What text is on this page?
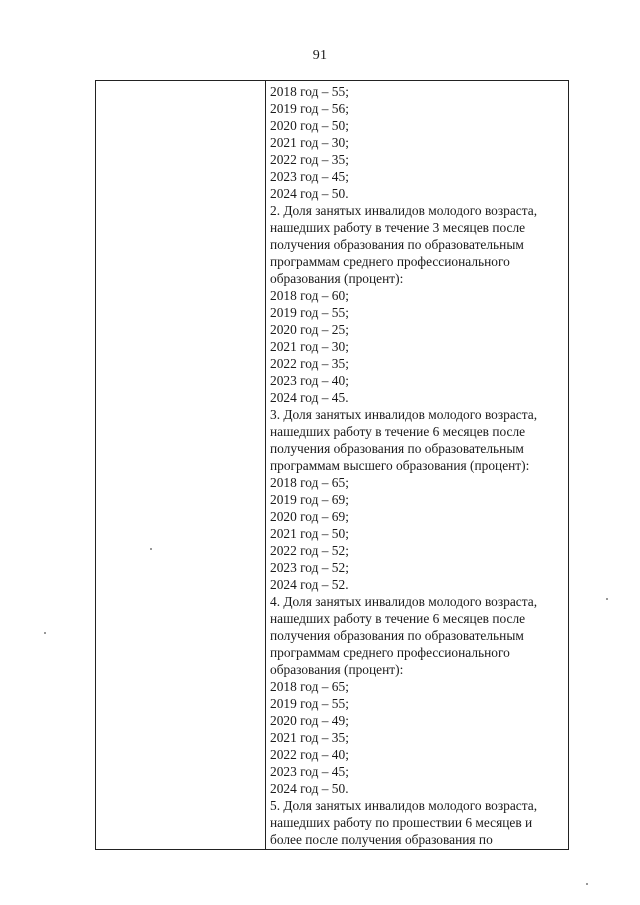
91
2018 год – 55;
2019 год – 56;
2020 год – 50;
2021 год – 30;
2022 год – 35;
2023 год – 45;
2024 год – 50.
2. Доля занятых инвалидов молодого возраста,
нашедших работу в течение 3 месяцев после
получения образования по образовательным
программам среднего профессионального
образования (процент):
2018 год – 60;
2019 год – 55;
2020 год – 25;
2021 год – 30;
2022 год – 35;
2023 год – 40;
2024 год – 45.
3. Доля занятых инвалидов молодого возраста,
нашедших работу в течение 6 месяцев после
получения образования по образовательным
программам высшего образования (процент):
2018 год – 65;
2019 год – 69;
2020 год – 69;
2021 год – 50;
2022 год – 52;
2023 год – 52;
2024 год – 52.
4. Доля занятых инвалидов молодого возраста,
нашедших работу в течение 6 месяцев после
получения образования по образовательным
программам среднего профессионального
образования (процент):
2018 год – 65;
2019 год – 55;
2020 год – 49;
2021 год – 35;
2022 год – 40;
2023 год – 45;
2024 год – 50.
5. Доля занятых инвалидов молодого возраста,
нашедших работу по прошествии 6 месяцев и
более после получения образования по
